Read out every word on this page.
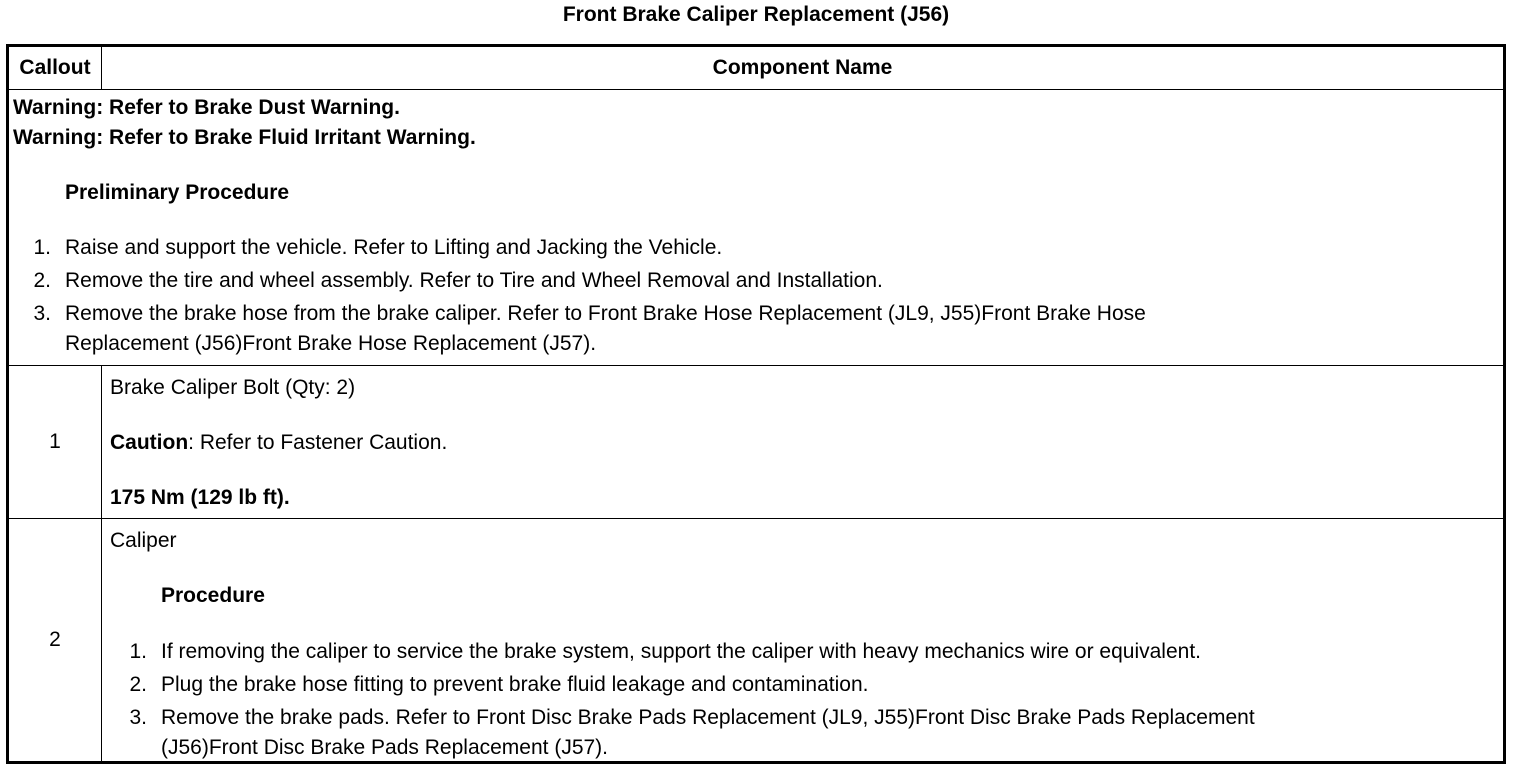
Front Brake Caliper Replacement (J56)
Callout	Component Name
Warning: Refer to Brake Dust Warning.
Warning: Refer to Brake Fluid Irritant Warning.
Preliminary Procedure
1. Raise and support the vehicle. Refer to Lifting and Jacking the Vehicle.
2. Remove the tire and wheel assembly. Refer to Tire and Wheel Removal and Installation.
3. Remove the brake hose from the brake caliper. Refer to Front Brake Hose Replacement (JL9, J55)Front Brake Hose
Replacement (J56)Front Brake Hose Replacement (J57).
1
Brake Caliper Bolt (Qty: 2)
Caution: Refer to Fastener Caution.
175 Nm (129 lb ft).
2
Caliper
Procedure
1. If removing the caliper to service the brake system, support the caliper with heavy mechanics wire or equivalent.
2. Plug the brake hose fitting to prevent brake fluid leakage and contamination.
3. Remove the brake pads. Refer to Front Disc Brake Pads Replacement (JL9, J55)Front Disc Brake Pads Replacement
(J56)Front Disc Brake Pads Replacement (J57).
